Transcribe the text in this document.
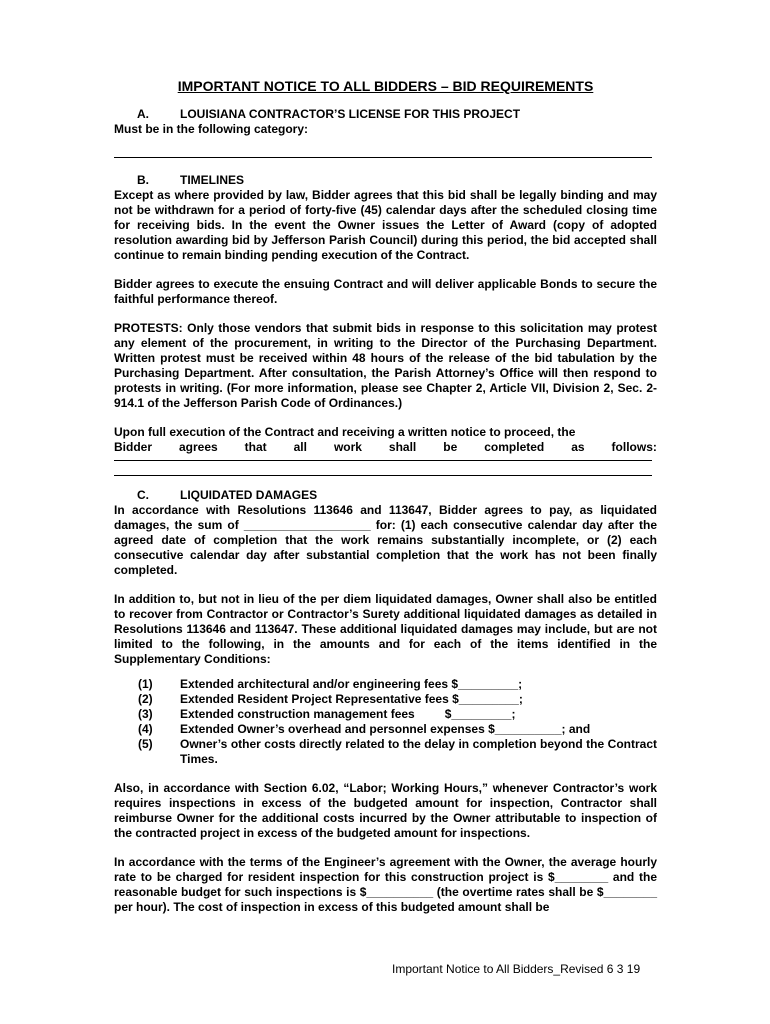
IMPORTANT NOTICE TO ALL BIDDERS – BID REQUIREMENTS
A.	LOUISIANA CONTRACTOR’S LICENSE FOR THIS PROJECT

Must be in the following category:

B.	TIMELINES

Except as where provided by law, Bidder agrees that this bid shall be legally binding and may not be withdrawn for a period of forty-five (45) calendar days after the scheduled closing time for receiving bids. In the event the Owner issues the Letter of Award (copy of adopted resolution awarding bid by Jefferson Parish Council) during this period, the bid accepted shall continue to remain binding pending execution of the Contract.

Bidder agrees to execute the ensuing Contract and will deliver applicable Bonds to secure the faithful performance thereof.

PROTESTS: Only those vendors that submit bids in response to this solicitation may protest any element of the procurement, in writing to the Director of the Purchasing Department. Written protest must be received within 48 hours of the release of the bid tabulation by the Purchasing Department. After consultation, the Parish Attorney’s Office will then respond to protests in writing. (For more information, please see Chapter 2, Article VII, Division 2, Sec. 2-914.1 of the Jefferson Parish Code of Ordinances.)

Upon full execution of the Contract and receiving a written notice to proceed, the

Bidder agrees that all work shall be completed as follows:
C.	LIQUIDATED DAMAGES

In accordance with Resolutions 113646 and 113647, Bidder agrees to pay, as liquidated damages, the sum of ___________________ for: (1) each consecutive calendar day after the agreed date of completion that the work remains substantially incomplete, or (2) each consecutive calendar day after substantial completion that the work has not been finally completed.

In addition to, but not in lieu of the per diem liquidated damages, Owner shall also be entitled to recover from Contractor or Contractor’s Surety additional liquidated damages as detailed in Resolutions 113646 and 113647. These additional liquidated damages may include, but are not limited to the following, in the amounts and for each of the items identified in the Supplementary Conditions:

(1)	Extended architectural and/or engineering fees $_________;
(2)	Extended Resident Project Representative fees $_________;
(3)	Extended construction management fees         $_________;
(4)	Extended Owner’s overhead and personnel expenses $__________; and
(5)	Owner’s other costs directly related to the delay in completion beyond the Contract Times.

Also, in accordance with Section 6.02, “Labor; Working Hours,” whenever Contractor’s work requires inspections in excess of the budgeted amount for inspection, Contractor shall reimburse Owner for the additional costs incurred by the Owner attributable to inspection of the contracted project in excess of the budgeted amount for inspections.

In accordance with the terms of the Engineer’s agreement with the Owner, the average hourly rate to be charged for resident inspection for this construction project is $________ and the reasonable budget for such inspections is $__________ (the overtime rates shall be $________ per hour). The cost of inspection in excess of this budgeted amount shall be

Important Notice to All Bidders_Revised 6 3 19
